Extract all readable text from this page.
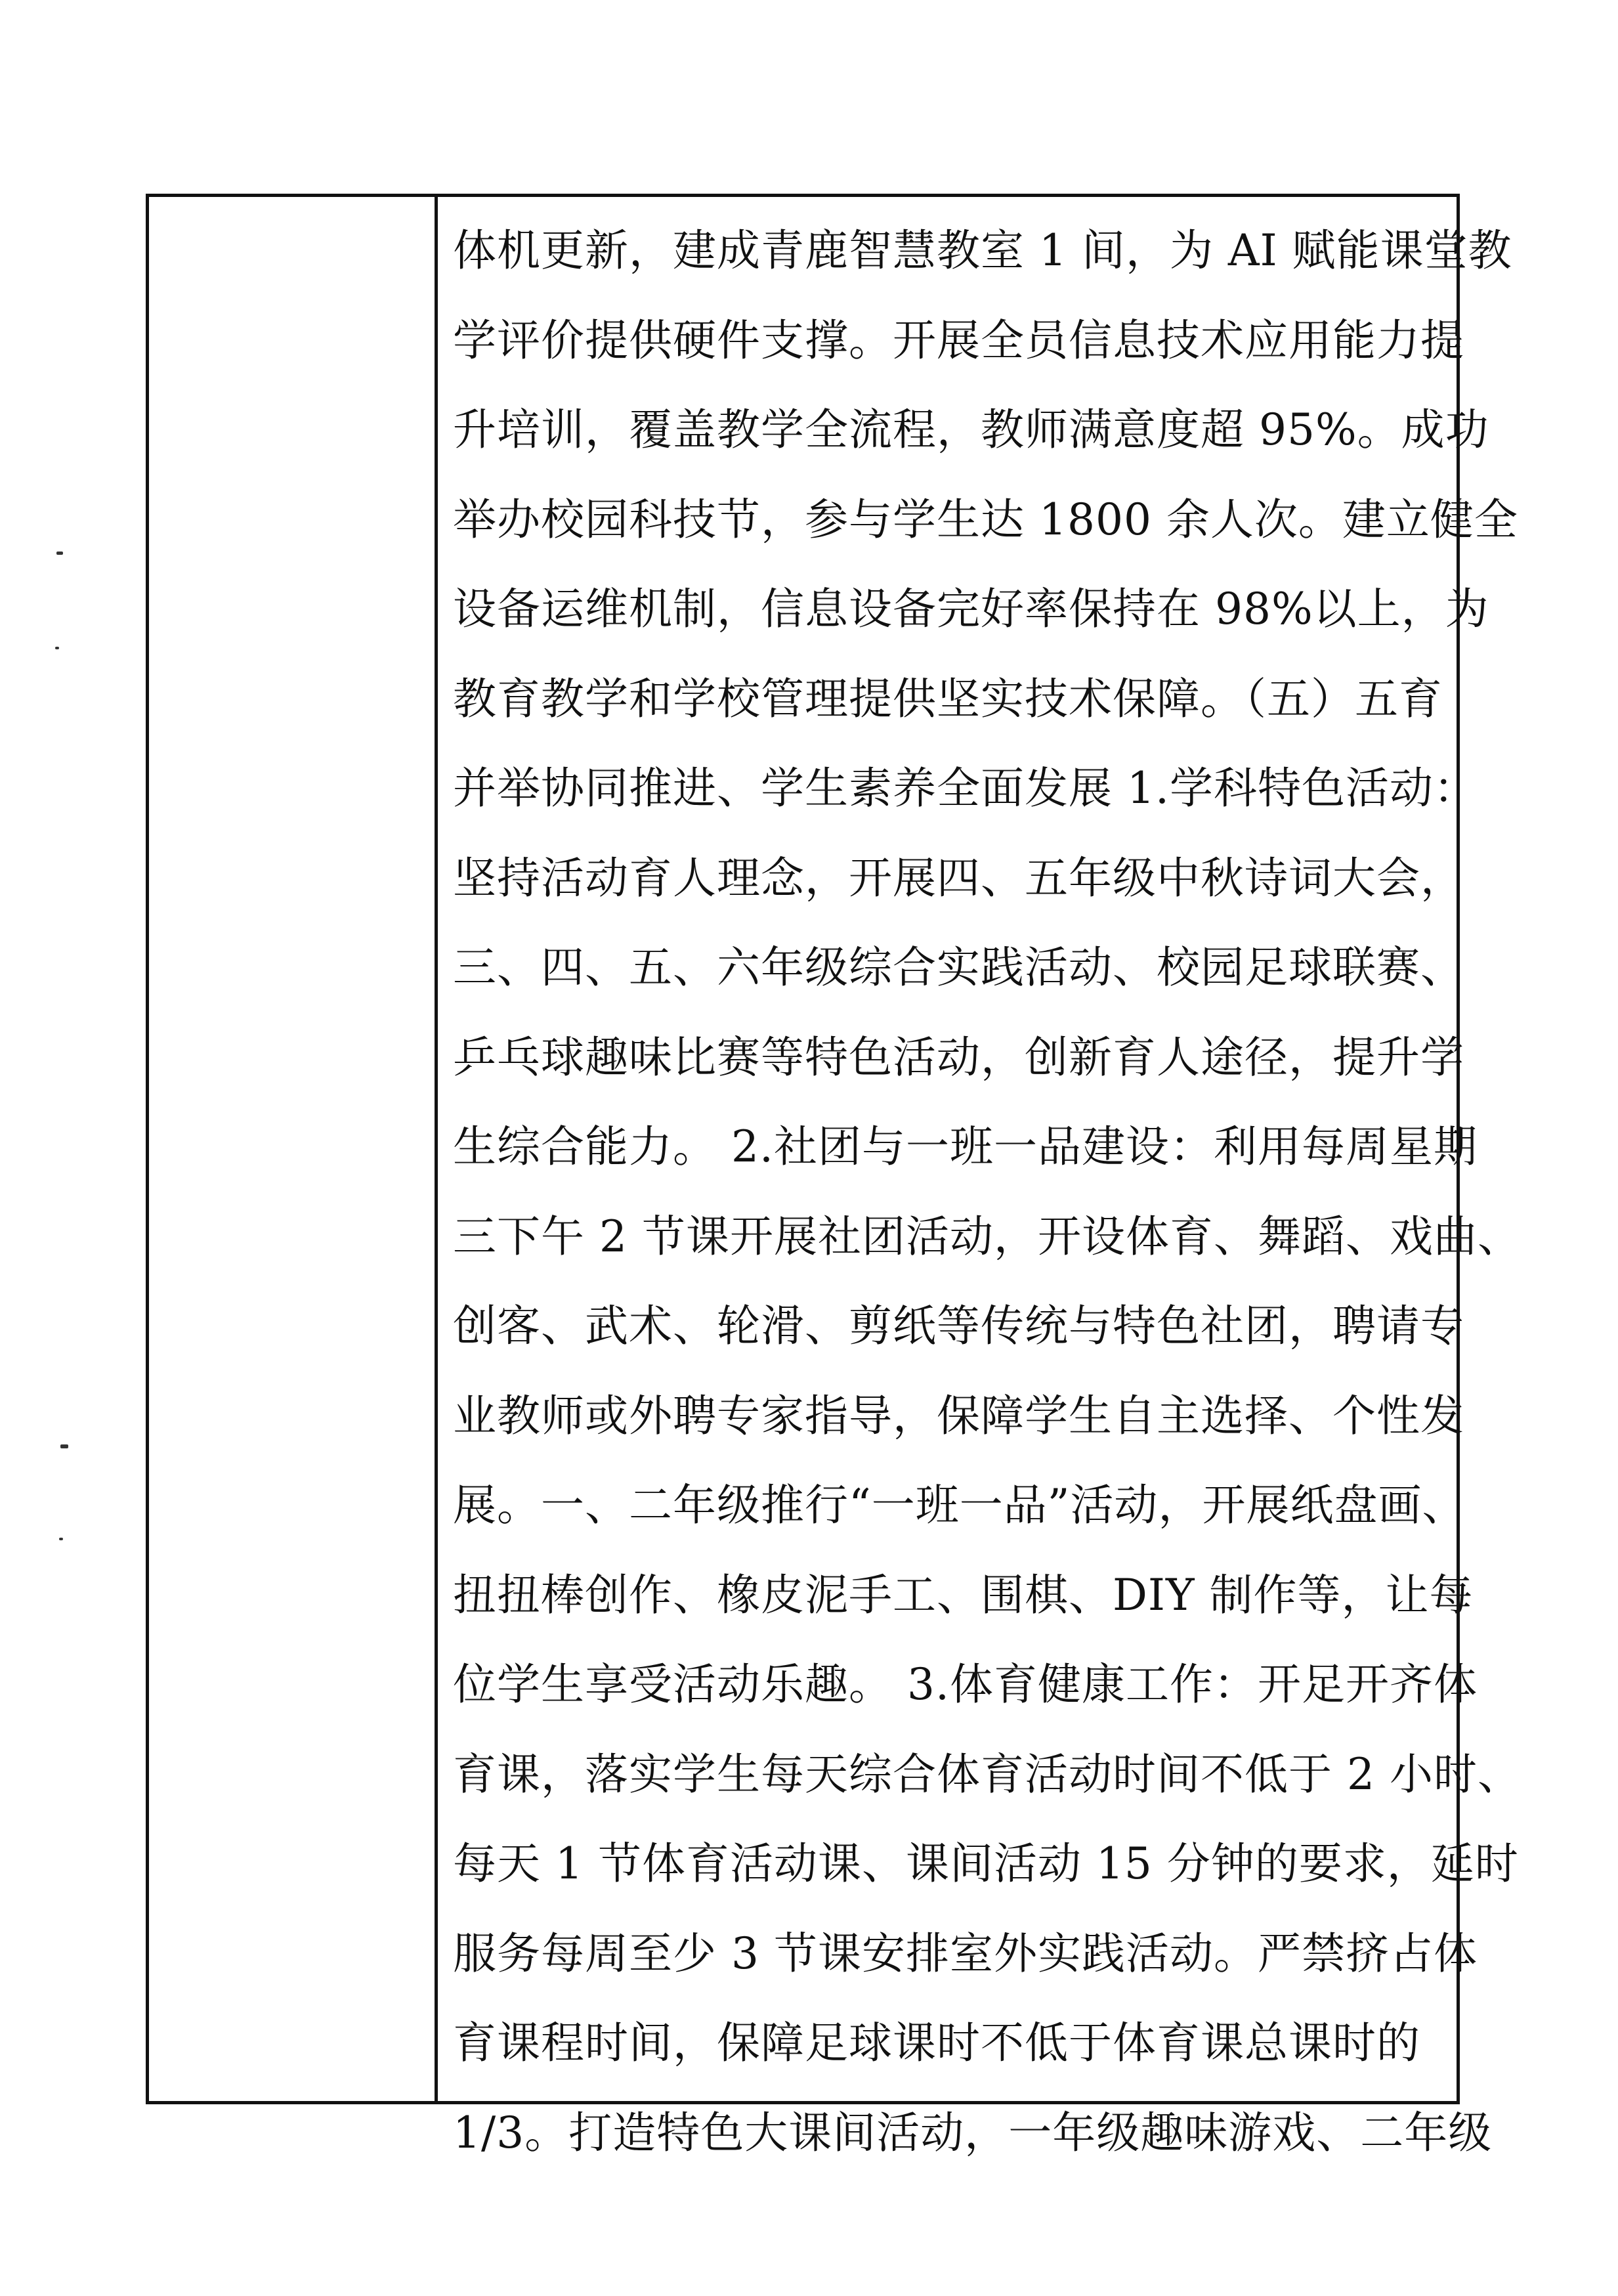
体机更新，建成青鹿智慧教室 1 间，为 AI 赋能课堂教
学评价提供硬件支撑。开展全员信息技术应用能力提
升培训，覆盖教学全流程，教师满意度超 95%。成功
举办校园科技节，参与学生达 1800 余人次。建立健全
设备运维机制，信息设备完好率保持在 98%以上，为
教育教学和学校管理提供坚实技术保障。（五）五育
并举协同推进、学生素养全面发展 1.学科特色活动：
坚持活动育人理念，开展四、五年级中秋诗词大会，
三、四、五、六年级综合实践活动、校园足球联赛、
乒乓球趣味比赛等特色活动，创新育人途径，提升学
生综合能力。 2.社团与一班一品建设：利用每周星期
三下午 2 节课开展社团活动，开设体育、舞蹈、戏曲、
创客、武术、轮滑、剪纸等传统与特色社团，聘请专
业教师或外聘专家指导，保障学生自主选择、个性发
展。一、二年级推行“一班一品”活动，开展纸盘画、
扭扭棒创作、橡皮泥手工、围棋、DIY 制作等，让每
位学生享受活动乐趣。 3.体育健康工作：开足开齐体
育课，落实学生每天综合体育活动时间不低于 2 小时、
每天 1 节体育活动课、课间活动 15 分钟的要求，延时
服务每周至少 3 节课安排室外实践活动。严禁挤占体
育课程时间，保障足球课时不低于体育课总课时的
1/3。打造特色大课间活动，一年级趣味游戏、二年级
